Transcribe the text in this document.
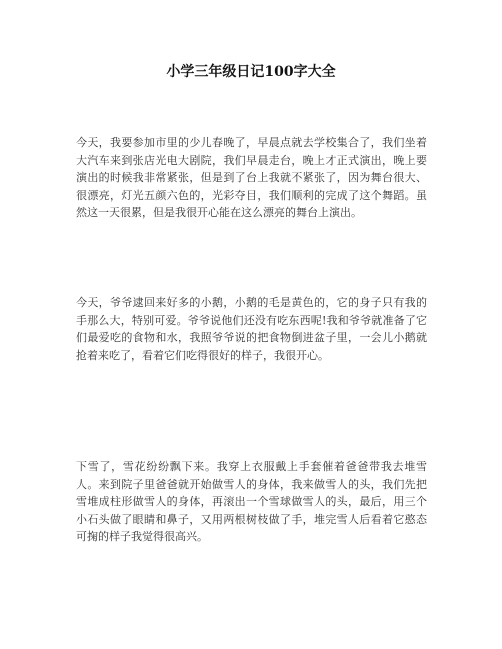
小学三年级日记100字大全

今天，我要参加市里的少儿春晚了，早晨点就去学校集合了，我们坐着大汽车来到张店光电大剧院，我们早晨走台，晚上才正式演出，晚上要演出的时候我非常紧张，但是到了台上我就不紧张了，因为舞台很大、很漂亮，灯光五颜六色的，光彩夺目，我们顺利的完成了这个舞蹈。虽然这一天很累，但是我很开心能在这么漂亮的舞台上演出。

今天，爷爷逮回来好多的小鹅，小鹅的毛是黄色的，它的身子只有我的手那么大，特别可爱。爷爷说他们还没有吃东西呢!我和爷爷就准备了它们最爱吃的食物和水，我照爷爷说的把食物倒进盆子里，一会儿小鹅就抢着来吃了，看着它们吃得很好的样子，我很开心。

下雪了，雪花纷纷飘下来。我穿上衣服戴上手套催着爸爸带我去堆雪人。来到院子里爸爸就开始做雪人的身体，我来做雪人的头，我们先把雪堆成柱形做雪人的身体，再滚出一个雪球做雪人的头，最后，用三个小石头做了眼睛和鼻子，又用两根树枝做了手，堆完雪人后看着它憨态可掬的样子我觉得很高兴。
